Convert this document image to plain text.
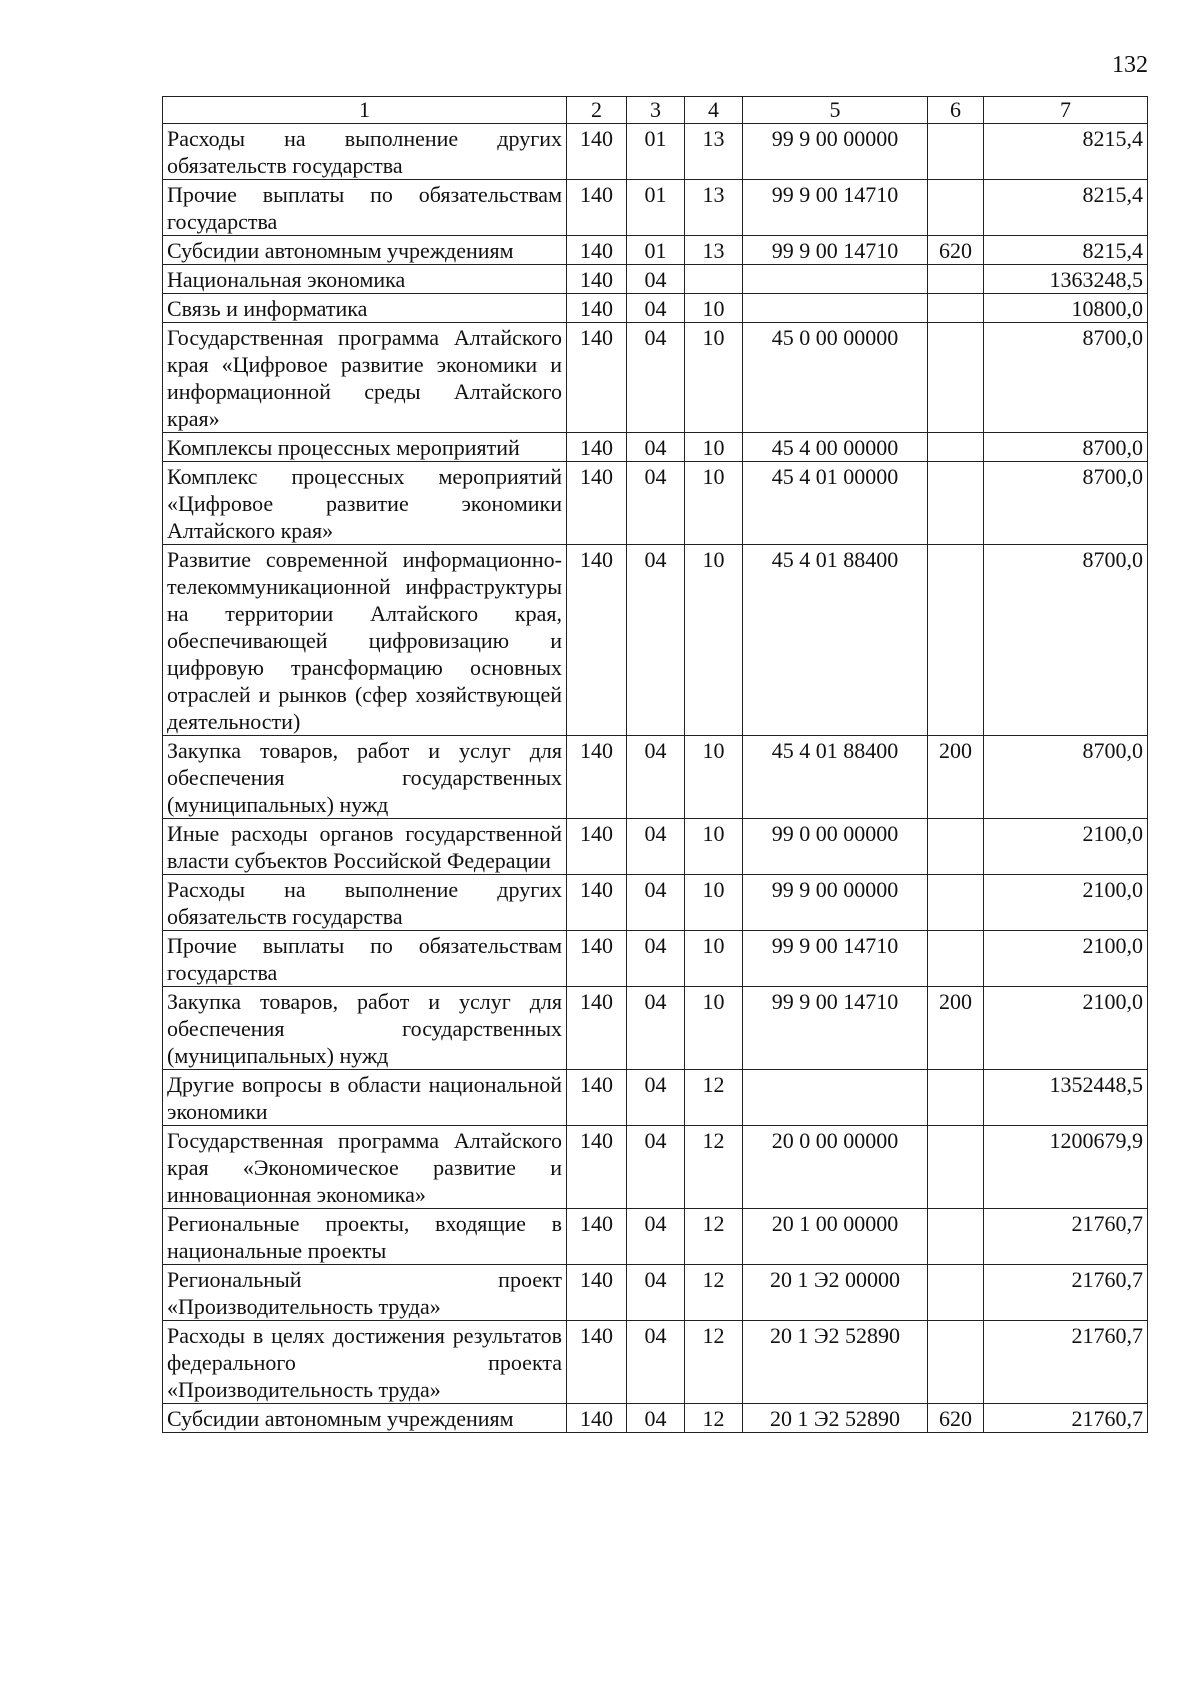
132
1	2	3	4	5	6	7
Расходы на выполнение других обязательств государства	140	01	13	99 9 00 00000		8215,4
Прочие выплаты по обязательствам государства	140	01	13	99 9 00 14710		8215,4
Субсидии автономным учреждениям	140	01	13	99 9 00 14710	620	8215,4
Национальная экономика	140	04				1363248,5
Связь и информатика	140	04	10			10800,0
Государственная программа Алтайского края «Цифровое развитие экономики и информационной среды Алтайского края»	140	04	10	45 0 00 00000		8700,0
Комплексы процессных мероприятий	140	04	10	45 4 00 00000		8700,0
Комплекс процессных мероприятий «Цифровое развитие экономики Алтайского края»	140	04	10	45 4 01 00000		8700,0
Развитие современной информационно-телекоммуникационной инфраструктуры на территории Алтайского края, обеспечивающей цифровизацию и цифровую трансформацию основных отраслей и рынков (сфер хозяйствующей деятельности)	140	04	10	45 4 01 88400		8700,0
Закупка товаров, работ и услуг для обеспечения государственных (муниципальных) нужд	140	04	10	45 4 01 88400	200	8700,0
Иные расходы органов государственной власти субъектов Российской Федерации	140	04	10	99 0 00 00000		2100,0
Расходы на выполнение других обязательств государства	140	04	10	99 9 00 00000		2100,0
Прочие выплаты по обязательствам государства	140	04	10	99 9 00 14710		2100,0
Закупка товаров, работ и услуг для обеспечения государственных (муниципальных) нужд	140	04	10	99 9 00 14710	200	2100,0
Другие вопросы в области национальной экономики	140	04	12			1352448,5
Государственная программа Алтайского края «Экономическое развитие и инновационная экономика»	140	04	12	20 0 00 00000		1200679,9
Региональные проекты, входящие в национальные проекты	140	04	12	20 1 00 00000		21760,7
Региональный проект «Производительность труда»	140	04	12	20 1 Э2 00000		21760,7
Расходы в целях достижения результатов федерального проекта «Производительность труда»	140	04	12	20 1 Э2 52890		21760,7
Субсидии автономным учреждениям	140	04	12	20 1 Э2 52890	620	21760,7
